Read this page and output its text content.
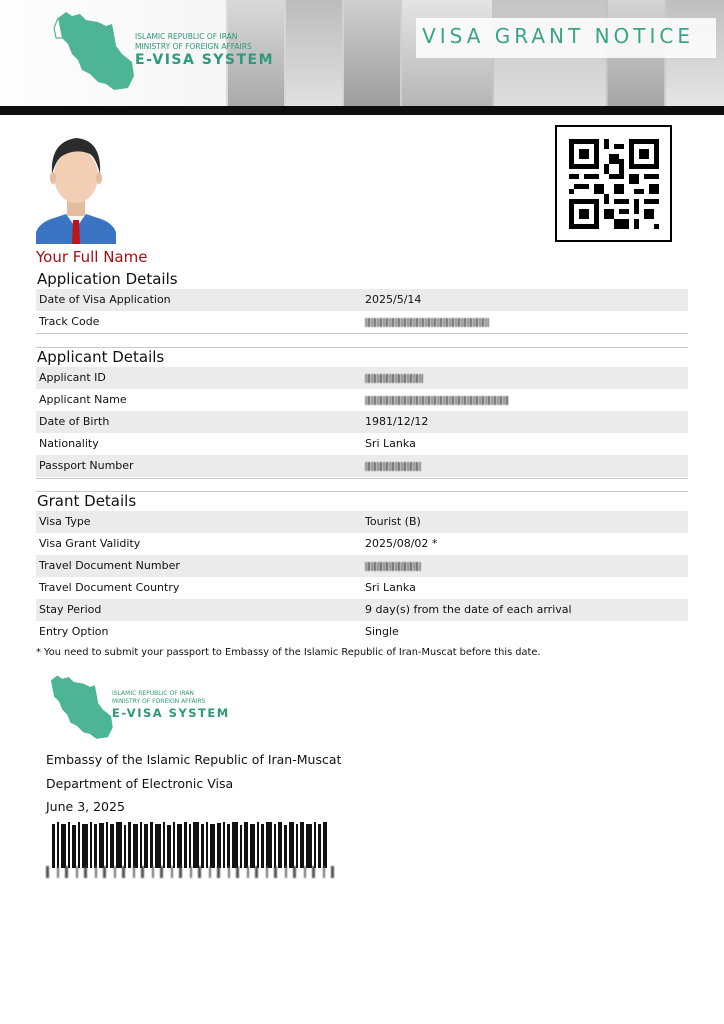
ISLAMIC REPUBLIC OF IRAN
MINISTRY OF FOREIGN AFFAIRS
E-VISA SYSTEM
VISA GRANT NOTICE
Your Full Name
Application Details
Date of Visa Application	2025/5/14
Track Code
Applicant Details
Applicant ID
Applicant Name
Date of Birth	1981/12/12
Nationality	Sri Lanka
Passport Number
Grant Details
Visa Type	Tourist (B)
Visa Grant Validity	2025/08/02 *
Travel Document Number
Travel Document Country	Sri Lanka
Stay Period	9 day(s) from the date of each arrival
Entry Option	Single
* You need to submit your passport to Embassy of the Islamic Republic of Iran-Muscat before this date.
ISLAMIC REPUBLIC OF IRAN
MINISTRY OF FOREIGN AFFAIRS
E-VISA SYSTEM
Embassy of the Islamic Republic of Iran-Muscat
Department of Electronic Visa
June 3, 2025
